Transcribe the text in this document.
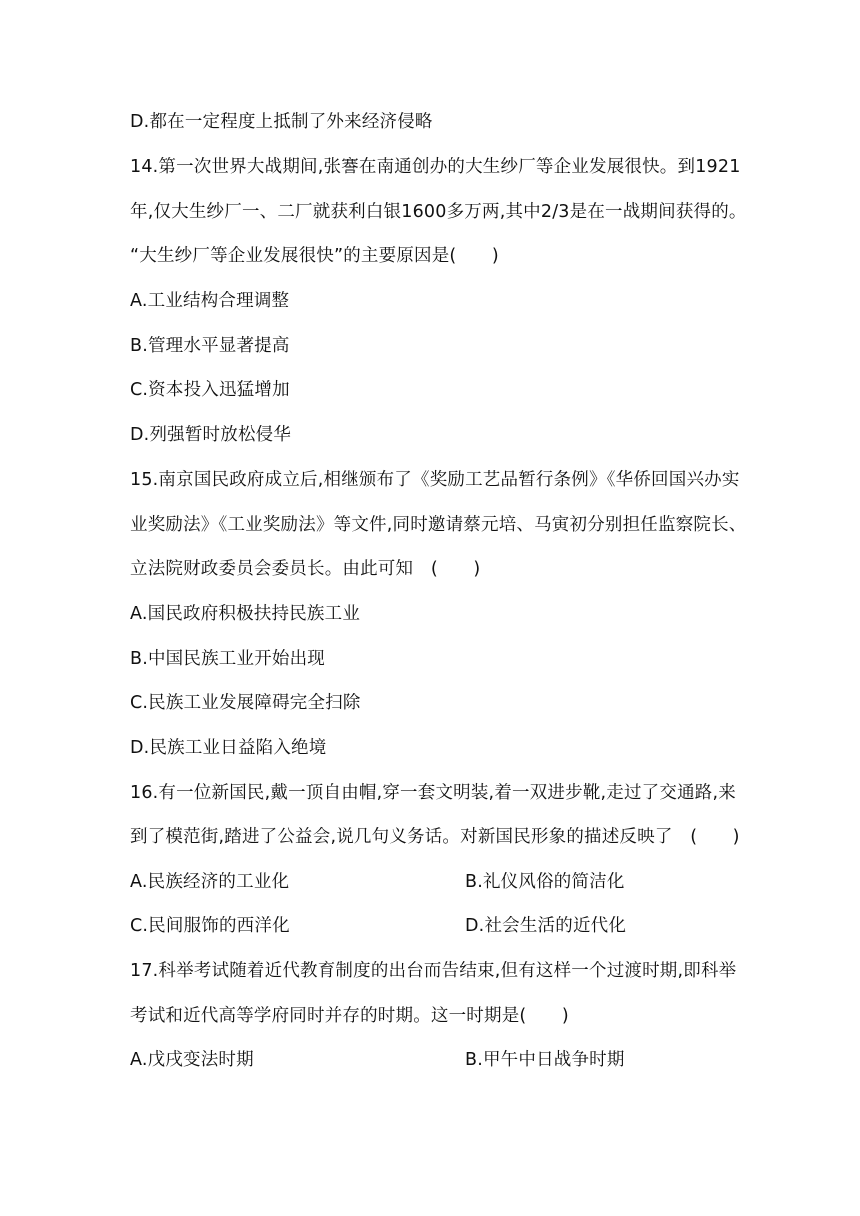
D.都在一定程度上抵制了外来经济侵略
14.第一次世界大战期间,张謇在南通创办的大生纱厂等企业发展很快。到1921
年,仅大生纱厂一、二厂就获利白银1600多万两,其中2/3是在一战期间获得的。
“大生纱厂等企业发展很快”的主要原因是(　　)
A.工业结构合理调整
B.管理水平显著提高
C.资本投入迅猛增加
D.列强暂时放松侵华
15.南京国民政府成立后,相继颁布了《奖励工艺品暂行条例》《华侨回国兴办实
业奖励法》《工业奖励法》等文件,同时邀请蔡元培、马寅初分别担任监察院长、
立法院财政委员会委员长。由此可知　(　　)
A.国民政府积极扶持民族工业
B.中国民族工业开始出现
C.民族工业发展障碍完全扫除
D.民族工业日益陷入绝境
16.有一位新国民,戴一顶自由帽,穿一套文明装,着一双进步靴,走过了交通路,来
到了模范街,踏进了公益会,说几句义务话。对新国民形象的描述反映了　(　　)
A.民族经济的工业化	B.礼仪风俗的简洁化
C.民间服饰的西洋化	D.社会生活的近代化
17.科举考试随着近代教育制度的出台而告结束,但有这样一个过渡时期,即科举
考试和近代高等学府同时并存的时期。这一时期是(　　)
A.戊戌变法时期	B.甲午中日战争时期
